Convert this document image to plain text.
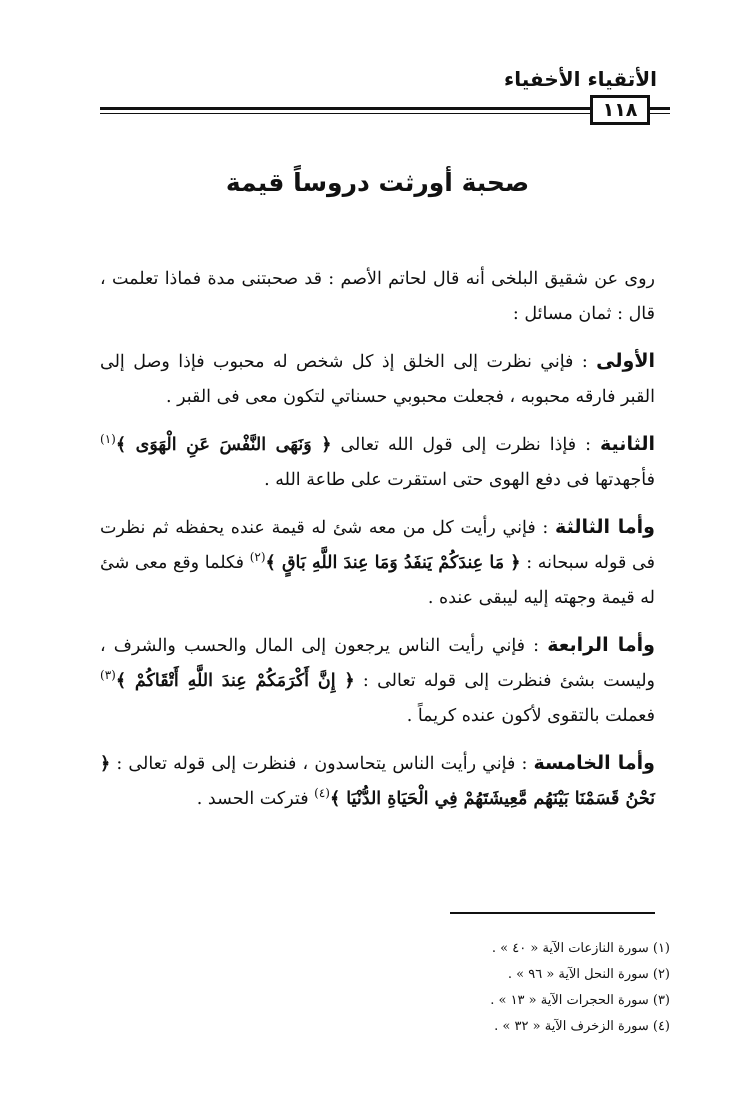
الأتقياء الأخفياء
١١٨
صحبة أورثت دروساً قيمة

روى عن شقيق البلخى أنه قال لحاتم الأصم : قد صحبتنى مدة فماذا تعلمت ، قال : ثمان مسائل :

الأولى : فإني نظرت إلى الخلق إذ كل شخص له محبوب فإذا وصل إلى القبر فارقه محبوبه ، فجعلت محبوبي حسناتي لتكون معى فى القبر .

الثانية : فإذا نظرت إلى قول الله تعالى ﴿ وَنَهَى النَّفْسَ عَنِ الْهَوَى ﴾$^{(١)}$ فأجهدتها فى دفع الهوى حتى استقرت على طاعة الله .

وأما الثالثة : فإني رأيت كل من معه شئ له قيمة عنده يحفظه ثم نظرت فى قوله سبحانه : ﴿ مَا عِندَكُمْ يَنفَدُ وَمَا عِندَ اللَّهِ بَاقٍ ﴾$^{(٢)}$ فكلما وقع معى شئ له قيمة وجهته إليه ليبقى عنده .

وأما الرابعة : فإني رأيت الناس يرجعون إلى المال والحسب والشرف ، وليست بشئ فنظرت إلى قوله تعالى : ﴿ إِنَّ أَكْرَمَكُمْ عِندَ اللَّهِ أَتْقَاكُمْ ﴾$^{(٣)}$ فعملت بالتقوى لأكون عنده كريماً .

وأما الخامسة : فإني رأيت الناس يتحاسدون ، فنظرت إلى قوله تعالى : ﴿ نَحْنُ قَسَمْنَا بَيْنَهُم مَّعِيشَتَهُمْ فِي الْحَيَاةِ الدُّنْيَا ﴾$^{(٤)}$ فتركت الحسد .

(١) سورة النازعات الآية « ٤٠ » .
(٢) سورة النحل الآية « ٩٦ » .
(٣) سورة الحجرات الآية « ١٣ » .
(٤) سورة الزخرف الآية « ٣٢ » .
